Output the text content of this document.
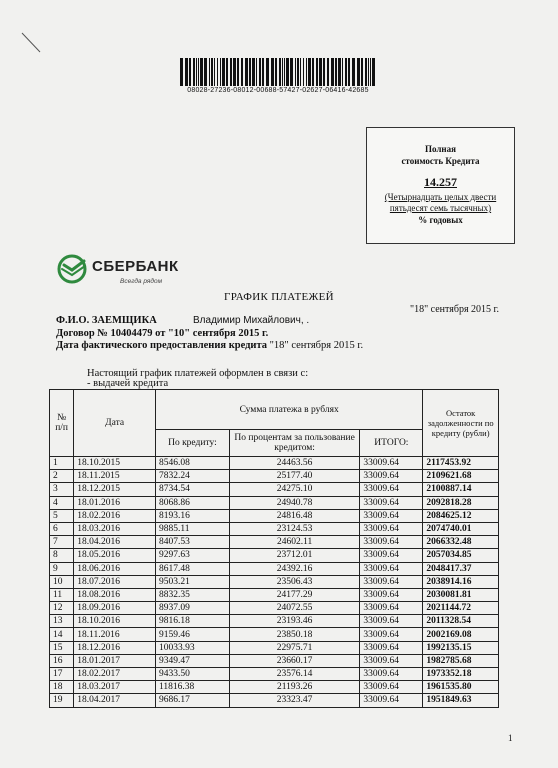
08028-27236-08012-00688-57427-02627-06416-42685
Полная
стоимость Кредита
14.257
(Четырнадцать целых двести
пятьдесят семь тысячных)
% годовых
СБЕРБАНК
Всегда рядом
ГРАФИК ПЛАТЕЖЕЙ
"18" сентября 2015 г.
Ф.И.О. ЗАЕМЩИКА	Владимир Михайлович, .
Договор № 10404479 от "10" сентября 2015 г.
Дата фактического предоставления кредита "18" сентября 2015 г.
Настоящий график платежей оформлен в связи с:
- выдачей кредита
№ п/п	Дата	Сумма платежа в рублях			Остаток задолженности по кредиту (рубли)
		По кредиту:	По процентам за пользование кредитом:	ИТОГО:	
1	18.10.2015	8546.08	24463.56	33009.64	2117453.92
2	18.11.2015	7832.24	25177.40	33009.64	2109621.68
3	18.12.2015	8734.54	24275.10	33009.64	2100887.14
4	18.01.2016	8068.86	24940.78	33009.64	2092818.28
5	18.02.2016	8193.16	24816.48	33009.64	2084625.12
6	18.03.2016	9885.11	23124.53	33009.64	2074740.01
7	18.04.2016	8407.53	24602.11	33009.64	2066332.48
8	18.05.2016	9297.63	23712.01	33009.64	2057034.85
9	18.06.2016	8617.48	24392.16	33009.64	2048417.37
10	18.07.2016	9503.21	23506.43	33009.64	2038914.16
11	18.08.2016	8832.35	24177.29	33009.64	2030081.81
12	18.09.2016	8937.09	24072.55	33009.64	2021144.72
13	18.10.2016	9816.18	23193.46	33009.64	2011328.54
14	18.11.2016	9159.46	23850.18	33009.64	2002169.08
15	18.12.2016	10033.93	22975.71	33009.64	1992135.15
16	18.01.2017	9349.47	23660.17	33009.64	1982785.68
17	18.02.2017	9433.50	23576.14	33009.64	1973352.18
18	18.03.2017	11816.38	21193.26	33009.64	1961535.80
19	18.04.2017	9686.17	23323.47	33009.64	1951849.63
1
